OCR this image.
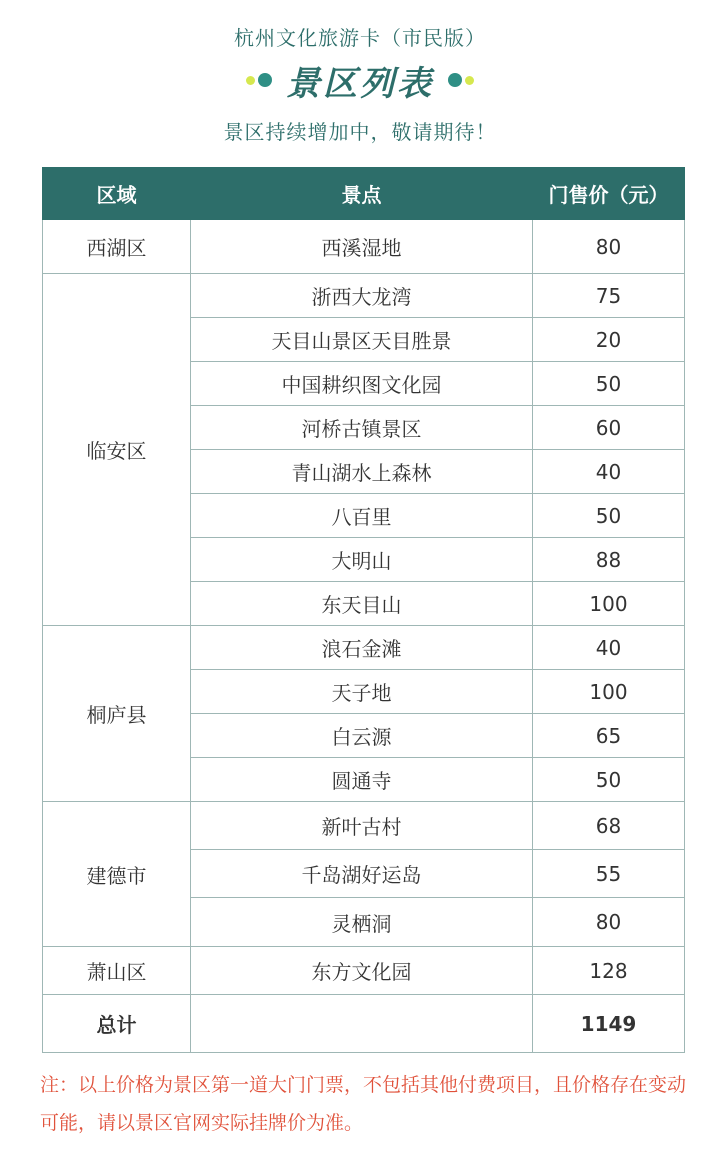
杭州文化旅游卡（市民版）
景区列表
景区持续增加中，敬请期待！
区域	景点	门售价（元）
西湖区	西溪湿地	80
临安区	浙西大龙湾	75
	天目山景区天目胜景	20
	中国耕织图文化园	50
	河桥古镇景区	60
	青山湖水上森林	40
	八百里	50
	大明山	88
	东天目山	100
桐庐县	浪石金滩	40
	天子地	100
	白云源	65
	圆通寺	50
建德市	新叶古村	68
	千岛湖好运岛	55
	灵栖洞	80
萧山区	东方文化园	128
总计		1149
注：以上价格为景区第一道大门门票，不包括其他付费项目，且价格存在变动可能，请以景区官网实际挂牌价为准。
